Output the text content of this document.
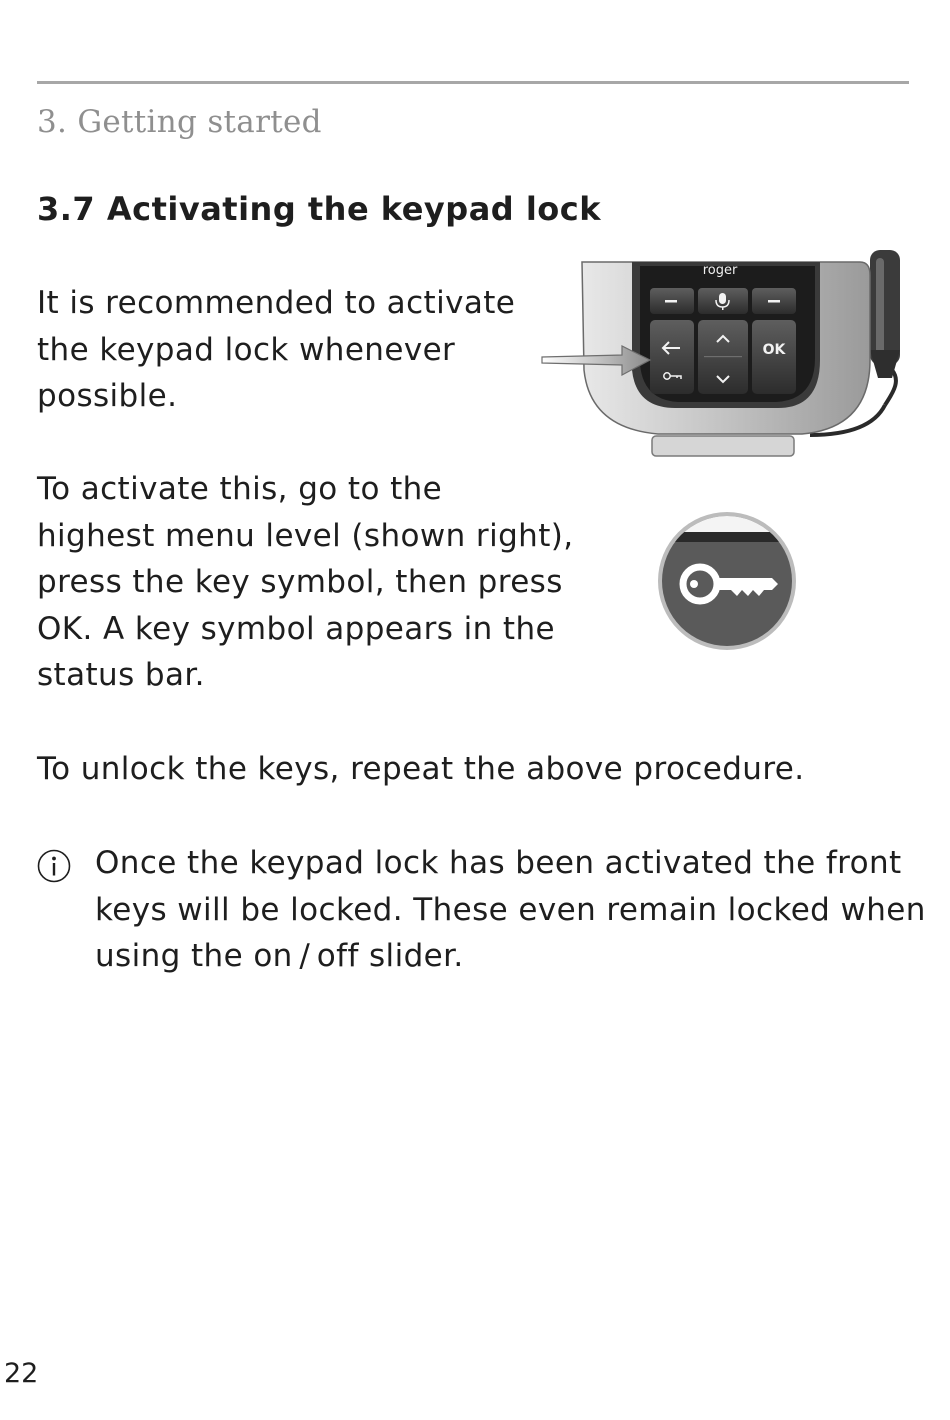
3. Getting started
3.7 Activating the keypad lock

It is recommended to activate
the keypad lock whenever
possible.

To activate this, go to the
highest menu level (shown right),
press the key symbol, then press
OK. A key symbol appears in the
status bar.

To unlock the keys, repeat the above procedure.

Once the keypad lock has been activated the front
keys will be locked. These even remain locked when
using the on / off slider.

roger
OK
22
